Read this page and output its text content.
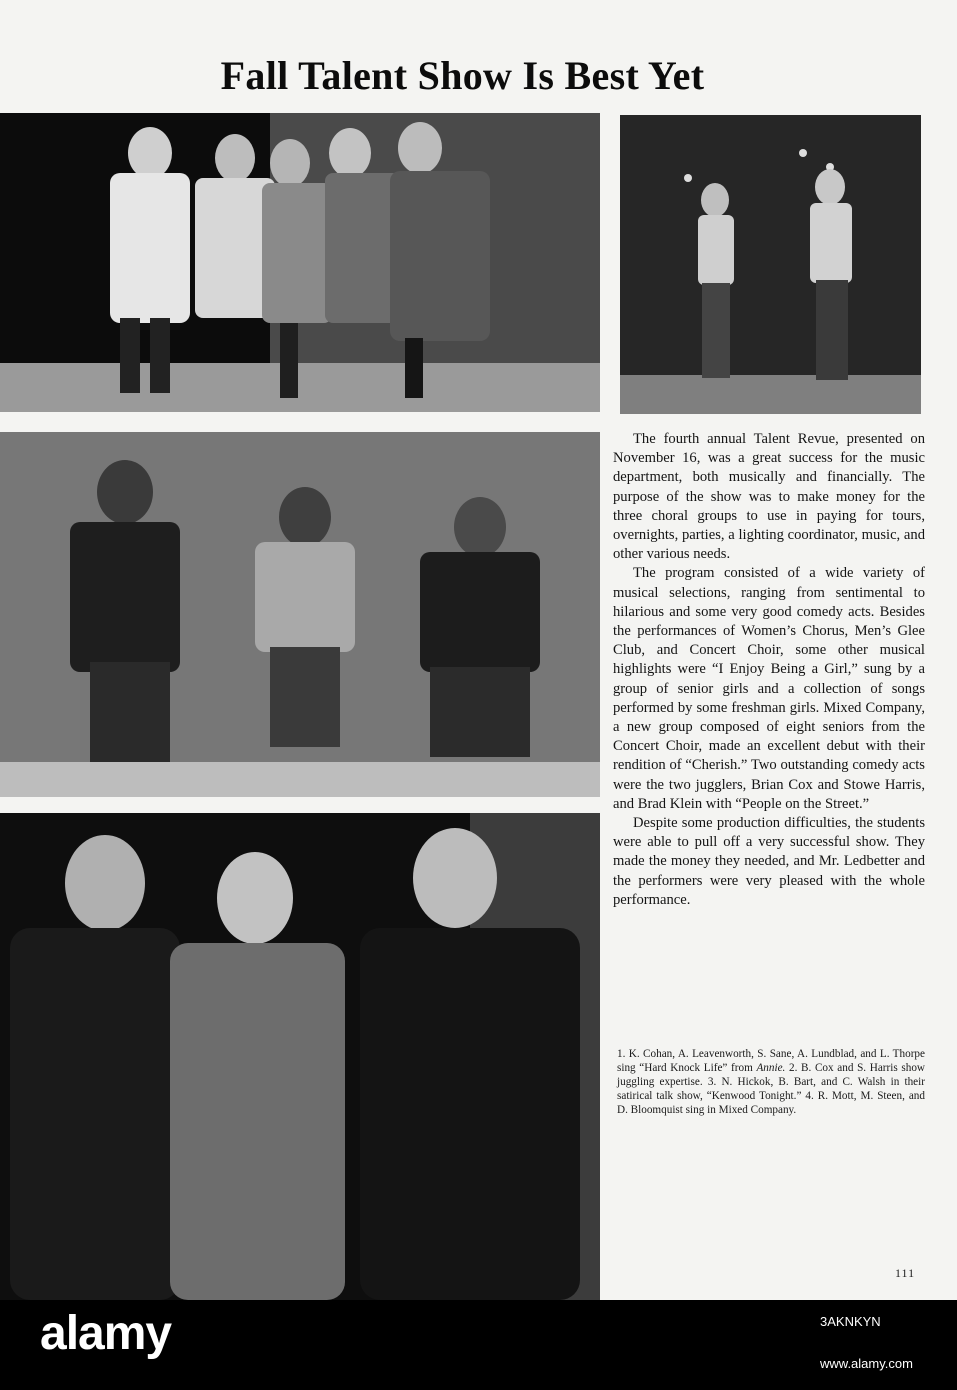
Fall Talent Show Is Best Yet

The fourth annual Talent Revue, presented on November 16, was a great success for the music department, both musically and financially. The purpose of the show was to make money for the three choral groups to use in paying for tours, overnights, parties, a lighting coordinator, music, and other various needs.

The program consisted of a wide variety of musical selections, ranging from sentimental to hilarious and some very good comedy acts. Besides the performances of Women’s Chorus, Men’s Glee Club, and Concert Choir, some other musical highlights were “I Enjoy Being a Girl,” sung by a group of senior girls and a collection of songs performed by some freshman girls. Mixed Company, a new group composed of eight seniors from the Concert Choir, made an excellent debut with their rendition of “Cherish.” Two outstanding comedy acts were the two jugglers, Brian Cox and Stowe Harris, and Brad Klein with “People on the Street.”

Despite some production difficulties, the students were able to pull off a very successful show. They made the money they needed, and Mr. Ledbetter and the performers were very pleased with the whole performance.

1. K. Cohan, A. Leavenworth, S. Sane, A. Lundblad, and L. Thorpe sing “Hard Knock Life” from Annie. 2. B. Cox and S. Harris show juggling expertise. 3. N. Hickok, B. Bart, and C. Walsh in their satirical talk show, “Kenwood Tonight.” 4. R. Mott, M. Steen, and D. Bloomquist sing in Mixed Company.
111
alamy	3AKNKYN
www.alamy.com
